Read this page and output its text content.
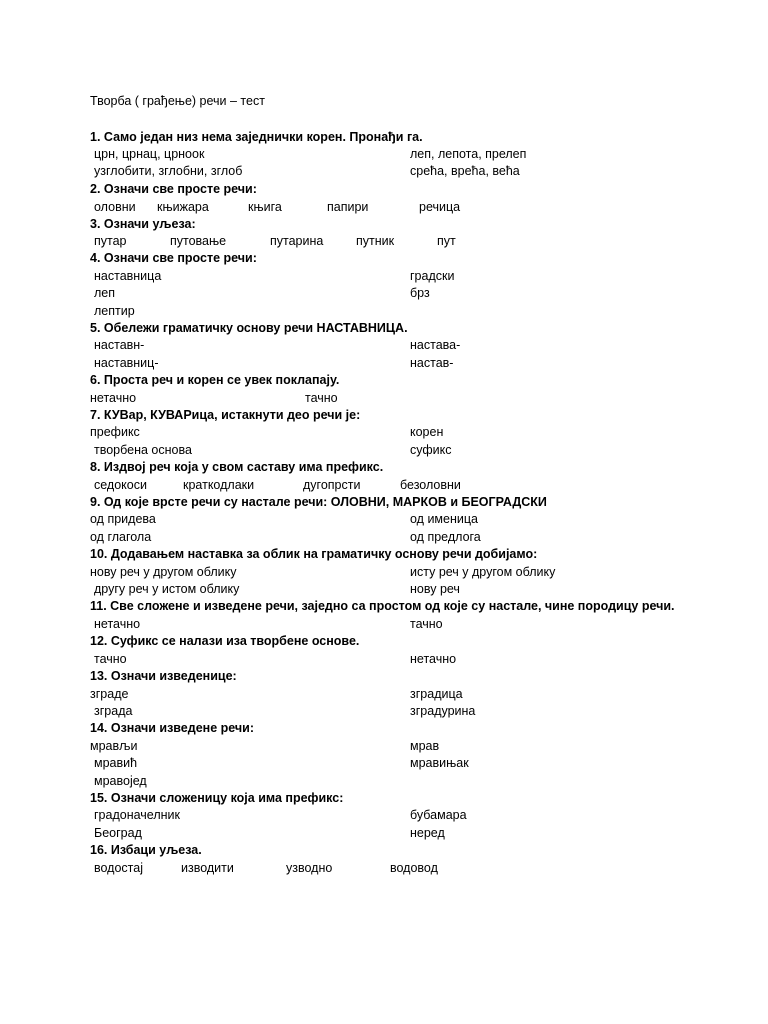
Творба ( грађење) речи – тест
1. Само један низ нема заједнички корен. Пронађи га.
црн, црнац, црноок	леп, лепота, прелеп
узглобити, зглобни, зглоб	срећа, врећа, већа
2. Означи све просте речи:
оловни књижара	књига	папири	речица
3. Означи уљеза:
путар	путовање	путарина	путник	пут
4. Означи све просте речи:
наставница	градски
леп	брз
лептир
5. Обележи граматичку основу речи НАСТАВНИЦА.
наставн-	настава-
наставниц-	настав-
6. Проста реч и корен се увек поклапају.
нетачно	тачно
7. КУВар, КУВАРица, истакнути део речи је:
префикс	корен
творбена основа	суфикс
8. Издвој реч која у свом саставу има префикс.
седокоси	краткодлаки	дугопрсти	безоловни
9. Од које врсте речи су настале речи: ОЛОВНИ, МАРКОВ и БЕОГРАДСКИ
од придева	од именица
од глагола	од предлога
10. Додавањем наставка за облик на граматичку основу речи добијамо:
нову реч у другом облику	исту реч у другом облику
другу реч у истом облику	нову реч
11. Све сложене и изведене речи, заједно са простом од које су настале, чине породицу речи.
нетачно	тачно
12. Суфикс се налази иза творбене основе.
тачно	нетачно
13. Означи изведенице:
зграде	зградица
зграда	зградурина
14. Означи изведене речи:
мрављи	мрав
мравић	мравињак
мравојед
15. Означи сложеницу која има префикс:
градоначелник	бубамара
Београд	неред
16. Избаци уљеза.
водостај	изводити	узводно	водовод
